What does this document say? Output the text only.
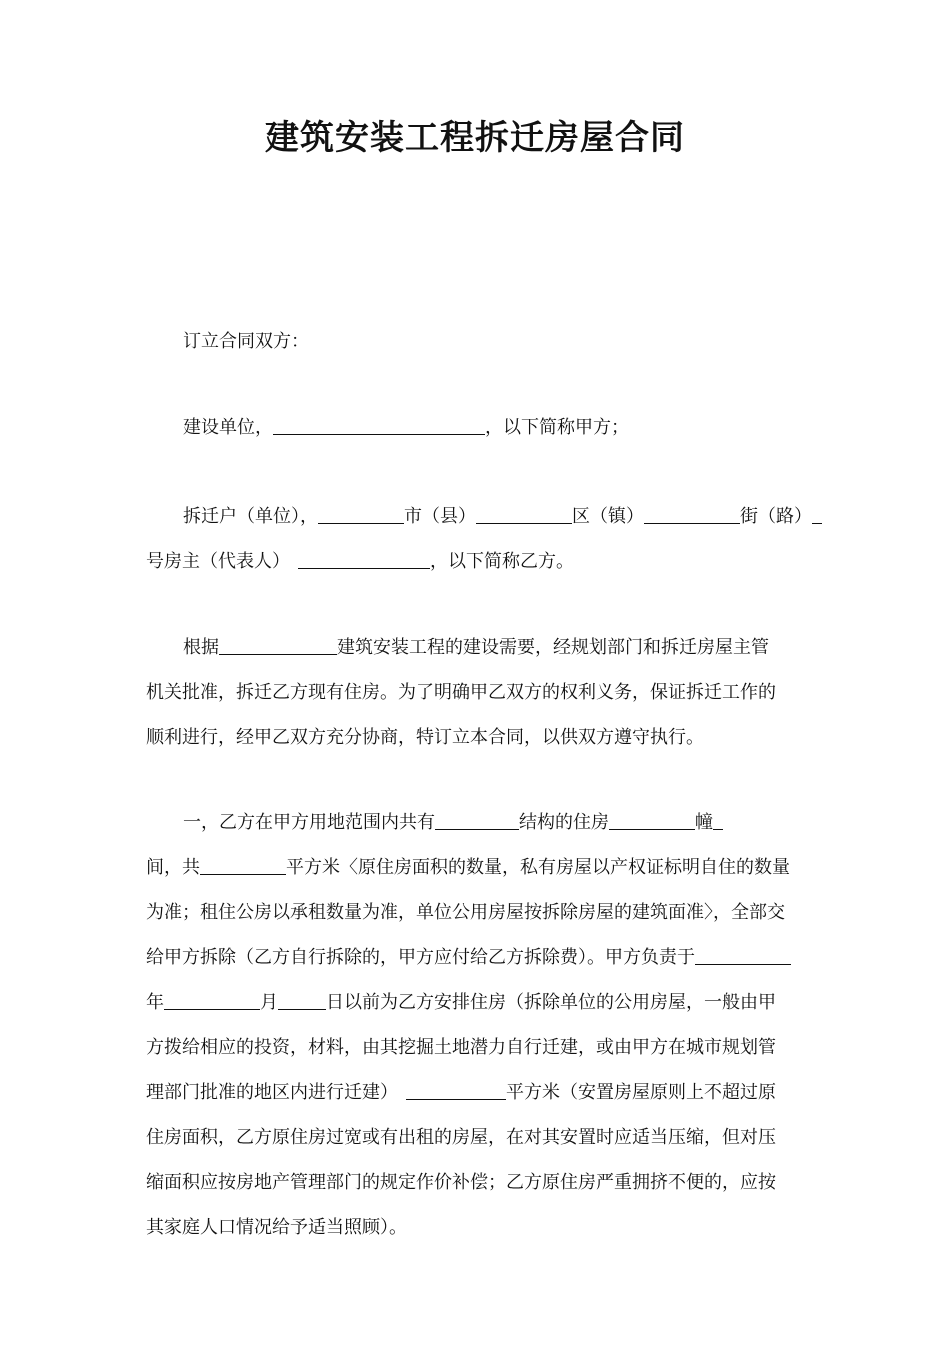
建筑安装工程拆迁房屋合同
订立合同双方：
建设单位，	，以下简称甲方；
拆迁户（单位），	市（县）	区（镇）	街（路）
号房主（代表人）	，以下简称乙方。
根据	建筑安装工程的建设需要，经规划部门和拆迁房屋主管
机关批准，拆迁乙方现有住房。为了明确甲乙双方的权利义务，保证拆迁工作的
顺利进行，经甲乙双方充分协商，特订立本合同，以供双方遵守执行。
一，乙方在甲方用地范围内共有	结构的住房	幢
间，共	平方米〈原住房面积的数量，私有房屋以产权证标明自住的数量
为准；租住公房以承租数量为准，单位公用房屋按拆除房屋的建筑面准〉，全部交
给甲方拆除（乙方自行拆除的，甲方应付给乙方拆除费）。甲方负责于
年	月	日以前为乙方安排住房（拆除单位的公用房屋，一般由甲
方拨给相应的投资，材料，由其挖掘土地潜力自行迁建，或由甲方在城市规划管
理部门批准的地区内进行迁建）	平方米（安置房屋原则上不超过原
住房面积，乙方原住房过宽或有出租的房屋，在对其安置时应适当压缩，但对压
缩面积应按房地产管理部门的规定作价补偿；乙方原住房严重拥挤不便的，应按
其家庭人口情况给予适当照顾）。
